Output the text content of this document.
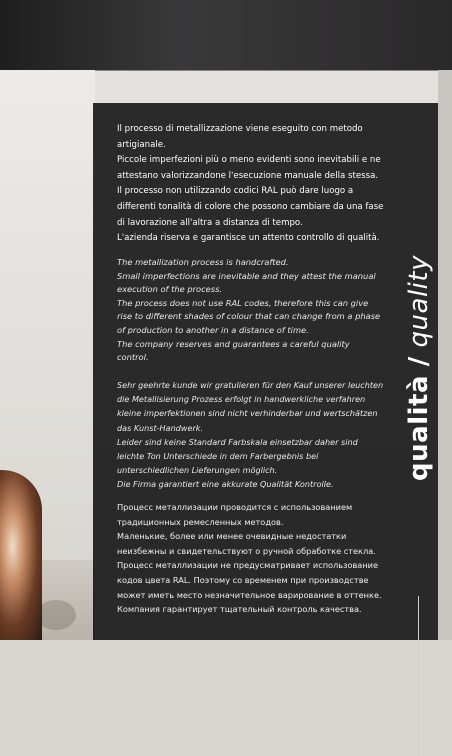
Il processo di metallizzazione viene eseguito con metodo artigianale.

Piccole imperfezioni più o meno evidenti sono inevitabili e ne attestano valorizzandone l'esecuzione manuale della stessa.

Il processo non utilizzando codici RAL può dare luogo a differenti tonalità di colore che possono cambiare da una fase di lavorazione all'altra a distanza di tempo.

L'azienda riserva e garantisce un attento controllo di qualità.

The metallization process is handcrafted.

Small imperfections are inevitable and they attest the manual execution of the process.

The process does not use RAL codes, therefore this can give rise to different shades of colour that can change from a phase of production to another in a distance of time.

The company reserves and guarantees a careful quality control.

Sehr geehrte kunde wir gratulieren für den Kauf unserer leuchten die Metallisierung Prozess erfolgt in handwerkliche verfahren kleine imperfektionen sind nicht verhinderbar und wertschätzen das Kunst-Handwerk.

Leider sind keine Standard Farbskala einsetzbar daher sind leichte Ton Unterschiede in dem Farbergebnis bei unterschiedlichen Lieferungen möglich.

Die Firma garantiert eine akkurate Qualität Kontrolle.

Процесс металлизации проводится с использованием традиционных ремесленных методов.

Маленькие, более или менее очевидные недостатки неизбежны и свидетельствуют о ручной обработке стекла.

Процесс металлизации не предусматривает использование кодов цвета RAL. Поэтому со временем при производстве может иметь место незначительное варирование в оттенке. Компания гарантирует тщательный контроль качества.

qualità / quality
